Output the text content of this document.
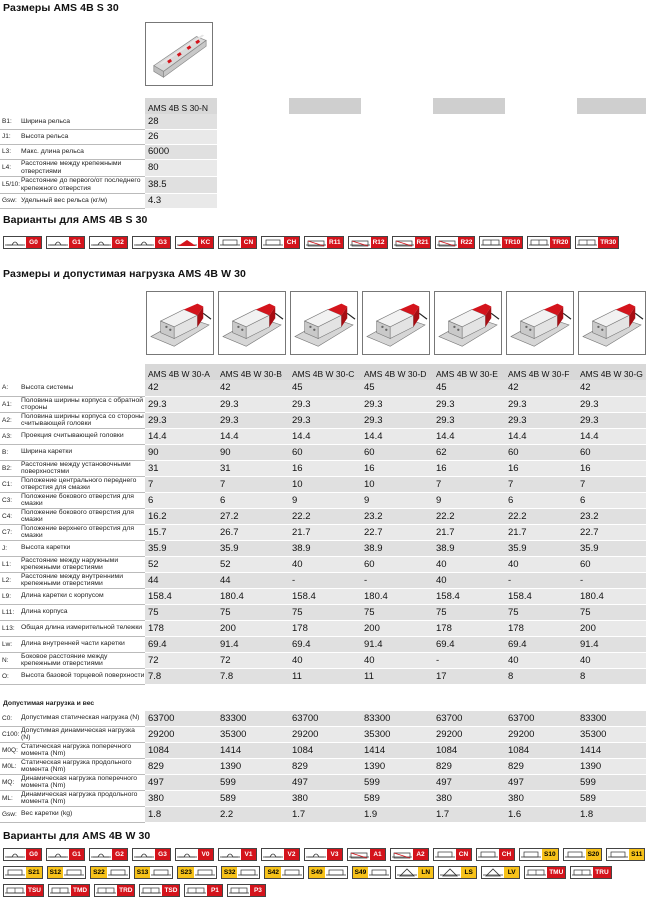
Размеры AMS 4B S 30
		AMS 4B S 30-N						
B1:	Ширина рельса	28						
J1:	Высота рельса	26						
L3:	Макс. длина рельса	6000						
L4:	Расстояние между крепежными отверстиями	80						
L5/10:	Расстояние до первого/от последнего крепежного отверстия	38.5						
Gsw:	Удельный вес рельса (кг/м)	4.3						
Варианты для AMS 4B S 30
G0	G1	G2	G3	KC	CN	CH	R11	R12	R21	R22	TR10	TR20	TR30
Размеры и допустимая нагрузка AMS 4B W 30
		AMS 4B W 30-A	AMS 4B W 30-B	AMS 4B W 30-C	AMS 4B W 30-D	AMS 4B W 30-E	AMS 4B W 30-F	AMS 4B W 30-G
A:	Высота системы	42	42	45	45	45	42	42
A1:	Половина ширины корпуса с обратной стороны	29.3	29.3	29.3	29.3	29.3	29.3	29.3
A2:	Половина ширины корпуса со стороны считывающей головки	29.3	29.3	29.3	29.3	29.3	29.3	29.3
A3:	Проекция считывающей головки	14.4	14.4	14.4	14.4	14.4	14.4	14.4
B:	Ширина каретки	90	90	60	60	62	60	60
B2:	Расстояние между установочными поверхностями	31	31	16	16	16	16	16
C1:	Положение центрального переднего отверстия для смазки	7	7	10	10	7	7	7
C3:	Положение бокового отверстия для смазки	6	6	9	9	9	6	6
C4:	Положение бокового отверстия для смазки	16.2	27.2	22.2	23.2	22.2	22.2	23.2
C7:	Положение верхнего отверстия для смазки	15.7	26.7	21.7	22.7	21.7	21.7	22.7
J:	Высота каретки	35.9	35.9	38.9	38.9	38.9	35.9	35.9
L1:	Расстояние между наружными крепежными отверстиями	52	52	40	60	40	40	60
L2:	Расстояние между внутренними крепежными отверстиями	44	44	-	-	40	-	-
L9:	Длина каретки с корпусом	158.4	180.4	158.4	180.4	158.4	158.4	180.4
L11:	Длина корпуса	75	75	75	75	75	75	75
L13:	Общая длина измерительной тележки	178	200	178	200	178	178	200
Lw:	Длина внутренней части каретки	69.4	91.4	69.4	91.4	69.4	69.4	91.4
N:	Боковое расстояние между крепежными отверстиями	72	72	40	40	-	40	40
O:	Высота базовой торцевой поверхности	7.8	7.8	11	11	17	8	8

Допустимая нагрузка и вес								
C0:	Допустимая статическая нагрузка (N)	63700	83300	63700	83300	63700	63700	83300
C100:	Допустимая динамическая нагрузка (N)	29200	35300	29200	35300	29200	29200	35300
M0Q:	Статическая нагрузка поперечного момента (Nm)	1084	1414	1084	1414	1084	1084	1414
M0L:	Статическая нагрузка продольного момента (Nm)	829	1390	829	1390	829	829	1390
MQ:	Динамическая нагрузка поперечного момента (Nm)	497	599	497	599	497	497	599
ML:	Динамическая нагрузка продольного момента (Nm)	380	589	380	589	380	380	589
Gsw:	Вес каретки (kg)	1.8	2.2	1.7	1.9	1.7	1.6	1.8
Варианты для AMS 4B W 30
G0	G1	G2	G3	V0	V1	V2	V3	A1	A2	CN	CH	S10	S20	S11
S21	S12	S22	S13	S23	S32	S42	S49	S49	LN	LS	LV	TMU	TRU
TSU	TMD	TRD	TSD	P1	P3
